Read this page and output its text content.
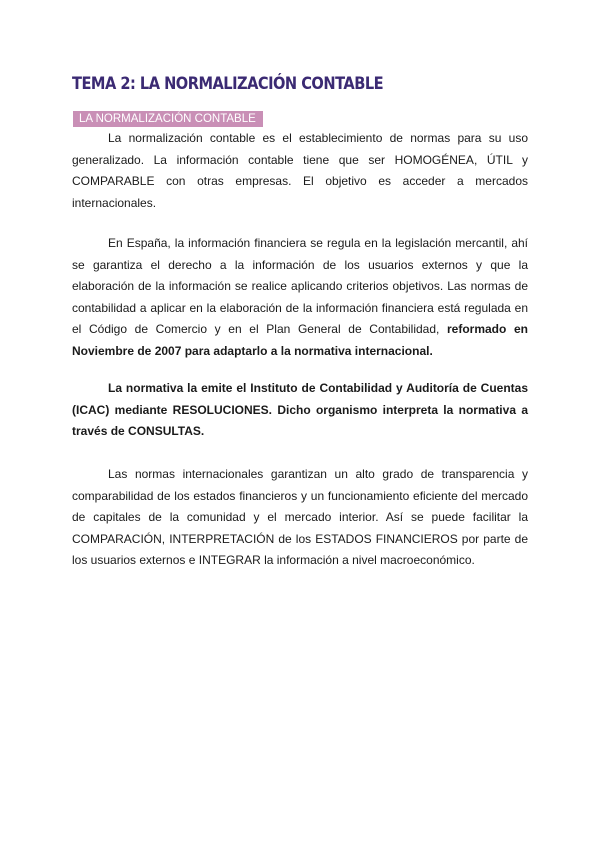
TEMA 2: LA NORMALIZACIÓN CONTABLE
LA NORMALIZACIÓN CONTABLE

La normalización contable es el establecimiento de normas para su uso generalizado. La información contable tiene que ser HOMOGÉNEA, ÚTIL y COMPARABLE con otras empresas. El objetivo es acceder a mercados internacionales.

En España, la información financiera se regula en la legislación mercantil, ahí se garantiza el derecho a la información de los usuarios externos y que la elaboración de la información se realice aplicando criterios objetivos. Las normas de contabilidad a aplicar en la elaboración de la información financiera está regulada en el Código de Comercio y en el Plan General de Contabilidad, reformado en Noviembre de 2007 para adaptarlo a la normativa internacional.

La normativa la emite el Instituto de Contabilidad y Auditoría de Cuentas (ICAC) mediante RESOLUCIONES. Dicho organismo interpreta la normativa a través de CONSULTAS.

Las normas internacionales garantizan un alto grado de transparencia y comparabilidad de los estados financieros y un funcionamiento eficiente del mercado de capitales de la comunidad y el mercado interior. Así se puede facilitar la COMPARACIÓN, INTERPRETACIÓN de los ESTADOS FINANCIEROS por parte de los usuarios externos e INTEGRAR la información a nivel macroeconómico.
